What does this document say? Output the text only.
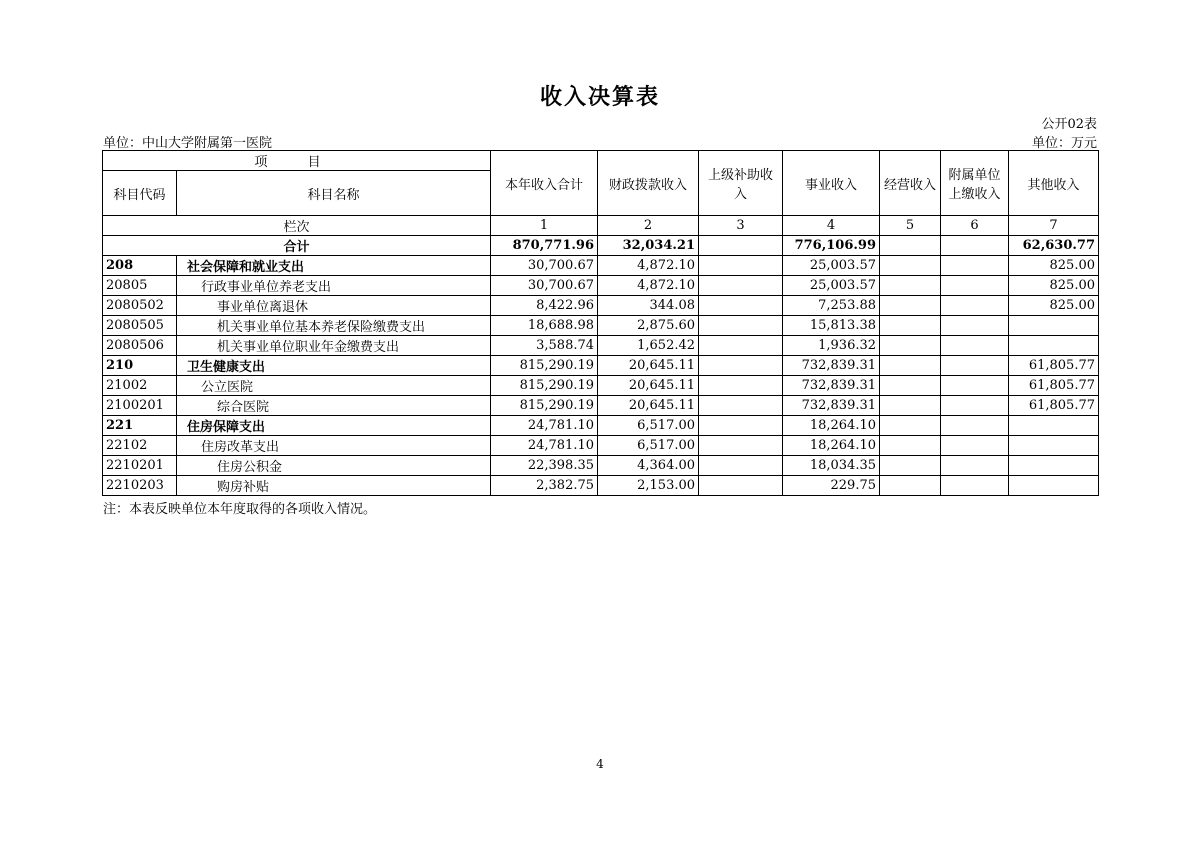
收入决算表
公开02表
单位：中山大学附属第一医院	单位：万元
项 目		本年收入合计	财政拨款收入	上级补助收入	事业收入	经营收入	附属单位上缴收入	其他收入
科目代码	科目名称							
栏次		1	2	3	4	5	6	7
合计		870,771.96	32,034.21		776,106.99			62,630.77
208	社会保障和就业支出	30,700.67	4,872.10		25,003.57			825.00
20805	行政事业单位养老支出	30,700.67	4,872.10		25,003.57			825.00
2080502	事业单位离退休	8,422.96	344.08		7,253.88			825.00
2080505	机关事业单位基本养老保险缴费支出	18,688.98	2,875.60		15,813.38			
2080506	机关事业单位职业年金缴费支出	3,588.74	1,652.42		1,936.32			
210	卫生健康支出	815,290.19	20,645.11		732,839.31			61,805.77
21002	公立医院	815,290.19	20,645.11		732,839.31			61,805.77
2100201	综合医院	815,290.19	20,645.11		732,839.31			61,805.77
221	住房保障支出	24,781.10	6,517.00		18,264.10			
22102	住房改革支出	24,781.10	6,517.00		18,264.10			
2210201	住房公积金	22,398.35	4,364.00		18,034.35			
2210203	购房补贴	2,382.75	2,153.00		229.75			
注：本表反映单位本年度取得的各项收入情况。
4
